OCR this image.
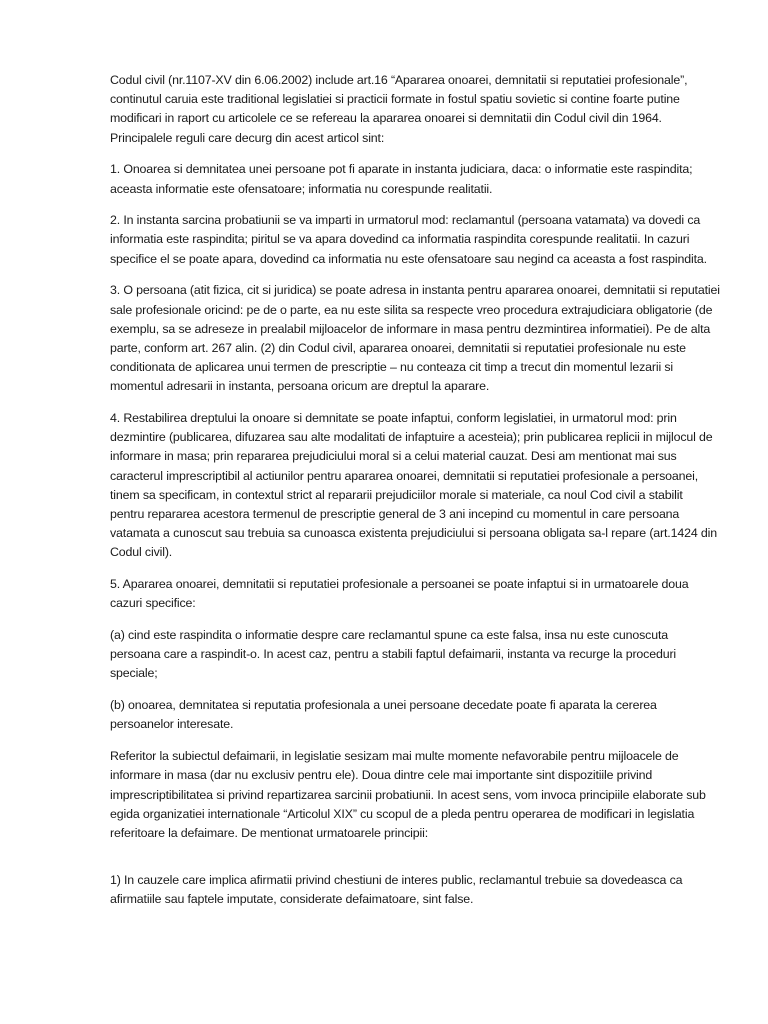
Codul civil (nr.1107-XV din 6.06.2002) include art.16 “Apararea onoarei, demnitatii si reputatiei profesionale”, continutul caruia este traditional legislatiei si practicii formate in fostul spatiu sovietic si contine foarte putine modificari in raport cu articolele ce se refereau la apararea onoarei si demnitatii din Codul civil din 1964. Principalele reguli care decurg din acest articol sint:

1. Onoarea si demnitatea unei persoane pot fi aparate in instanta judiciara, daca: o informatie este raspindita; aceasta informatie este ofensatoare; informatia nu corespunde realitatii.

2. In instanta sarcina probatiunii se va imparti in urmatorul mod: reclamantul (persoana vatamata) va dovedi ca informatia este raspindita; piritul se va apara dovedind ca informatia raspindita corespunde realitatii. In cazuri specifice el se poate apara, dovedind ca informatia nu este ofensatoare sau negind ca aceasta a fost raspindita.

3. O persoana (atit fizica, cit si juridica) se poate adresa in instanta pentru apararea onoarei, demnitatii si reputatiei sale profesionale oricind: pe de o parte, ea nu este silita sa respecte vreo procedura extrajudiciara obligatorie (de exemplu, sa se adreseze in prealabil mijloacelor de informare in masa pentru dezmintirea informatiei). Pe de alta parte, conform art. 267 alin. (2) din Codul civil, apararea onoarei, demnitatii si reputatiei profesionale nu este conditionata de aplicarea unui termen de prescriptie – nu conteaza cit timp a trecut din momentul lezarii si momentul adresarii in instanta, persoana oricum are dreptul la aparare.

4. Restabilirea dreptului la onoare si demnitate se poate infaptui, conform legislatiei, in urmatorul mod: prin dezmintire (publicarea, difuzarea sau alte modalitati de infaptuire a acesteia); prin publicarea replicii in mijlocul de informare in masa; prin repararea prejudiciului moral si a celui material cauzat. Desi am mentionat mai sus caracterul imprescriptibil al actiunilor pentru apararea onoarei, demnitatii si reputatiei profesionale a persoanei, tinem sa specificam, in contextul strict al repararii prejudiciilor morale si materiale, ca noul Cod civil a stabilit pentru repararea acestora termenul de prescriptie general de 3 ani incepind cu momentul in care persoana vatamata a cunoscut sau trebuia sa cunoasca existenta prejudiciului si persoana obligata sa-l repare (art.1424 din Codul civil).

5. Apararea onoarei, demnitatii si reputatiei profesionale a persoanei se poate infaptui si in urmatoarele doua cazuri specifice:

(a) cind este raspindita o informatie despre care reclamantul spune ca este falsa, insa nu este cunoscuta persoana care a raspindit-o. In acest caz, pentru a stabili faptul defaimarii, instanta va recurge la proceduri speciale;

(b) onoarea, demnitatea si reputatia profesionala a unei persoane decedate poate fi aparata la cererea persoanelor interesate.

Referitor la subiectul defaimarii, in legislatie sesizam mai multe momente nefavorabile pentru mijloacele de informare in masa (dar nu exclusiv pentru ele). Doua dintre cele mai importante sint dispozitiile privind imprescriptibilitatea si privind repartizarea sarcinii probatiunii. In acest sens, vom invoca principiile elaborate sub egida organizatiei internationale “Articolul XIX” cu scopul de a pleda pentru operarea de modificari in legislatia referitoare la defaimare. De mentionat urmatoarele principii:

1) In cauzele care implica afirmatii privind chestiuni de interes public, reclamantul trebuie sa dovedeasca ca afirmatiile sau faptele imputate, considerate defaimatoare, sint false.
